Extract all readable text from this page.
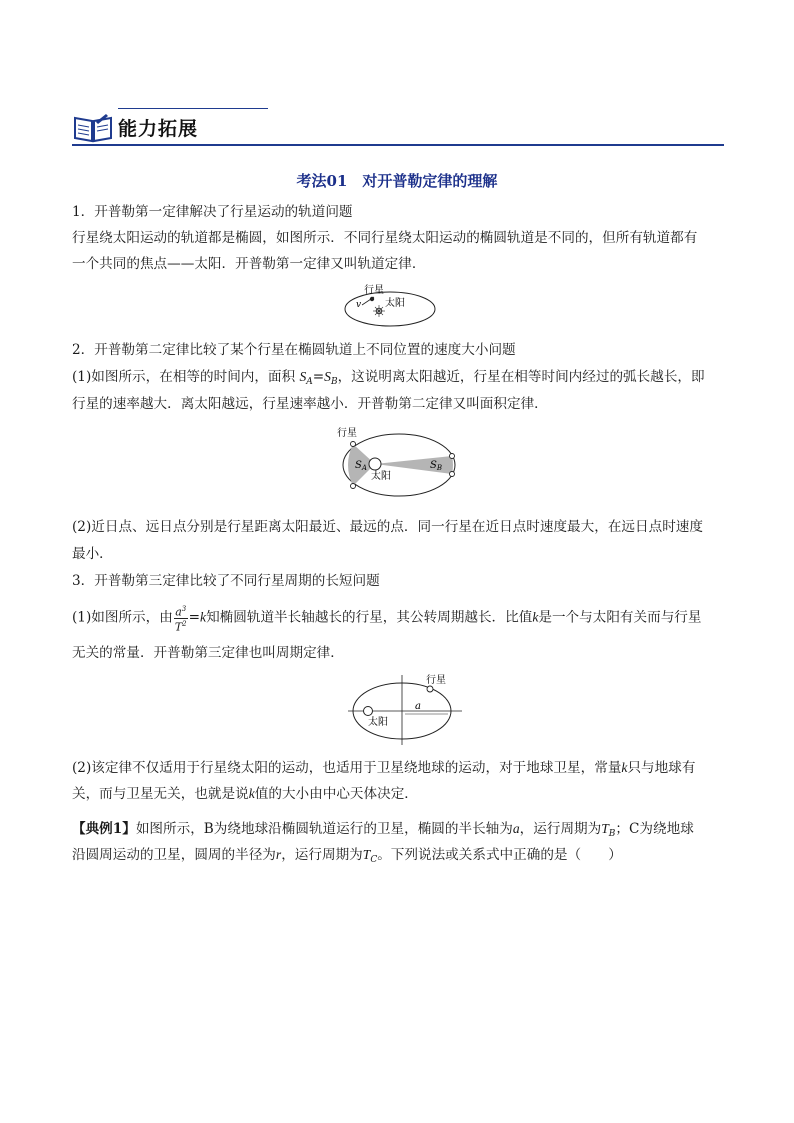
能力拓展
考法01　对开普勒定律的理解
1．开普勒第一定律解决了行星运动的轨道问题
行星绕太阳运动的轨道都是椭圆，如图所示．不同行星绕太阳运动的椭圆轨道是不同的，但所有轨道都有
一个共同的焦点——太阳．开普勒第一定律又叫轨道定律．
行星
v 太阳
2．开普勒第二定律比较了某个行星在椭圆轨道上不同位置的速度大小问题
(1)如图所示，在相等的时间内，面积 $S_A=S_B$，这说明离太阳越近，行星在相等时间内经过的弧长越长，即
行星的速率越大．离太阳越远，行星速率越小．开普勒第二定律又叫面积定律．
行星
太阳
$S_A$	$S_B$
(2)近日点、远日点分别是行星距离太阳最近、最远的点．同一行星在近日点时速度最大，在远日点时速度
最小．
3．开普勒第三定律比较了不同行星周期的长短问题
(1)如图所示，由 $\frac{a^3}{T^2} =k$知椭圆轨道半长轴越长的行星，其公转周期越长．比值k是一个与太阳有关而与行星
无关的常量．开普勒第三定律也叫周期定律．
行星
太阳
a
(2)该定律不仅适用于行星绕太阳的运动，也适用于卫星绕地球的运动，对于地球卫星，常量k只与地球有
关，而与卫星无关，也就是说k值的大小由中心天体决定．
【典例1】如图所示，B为绕地球沿椭圆轨道运行的卫星，椭圆的半长轴为a，运行周期为$T_B$；C为绕地球
沿圆周运动的卫星，圆周的半径为r，运行周期为$T_C$。下列说法或关系式中正确的是（　　）
